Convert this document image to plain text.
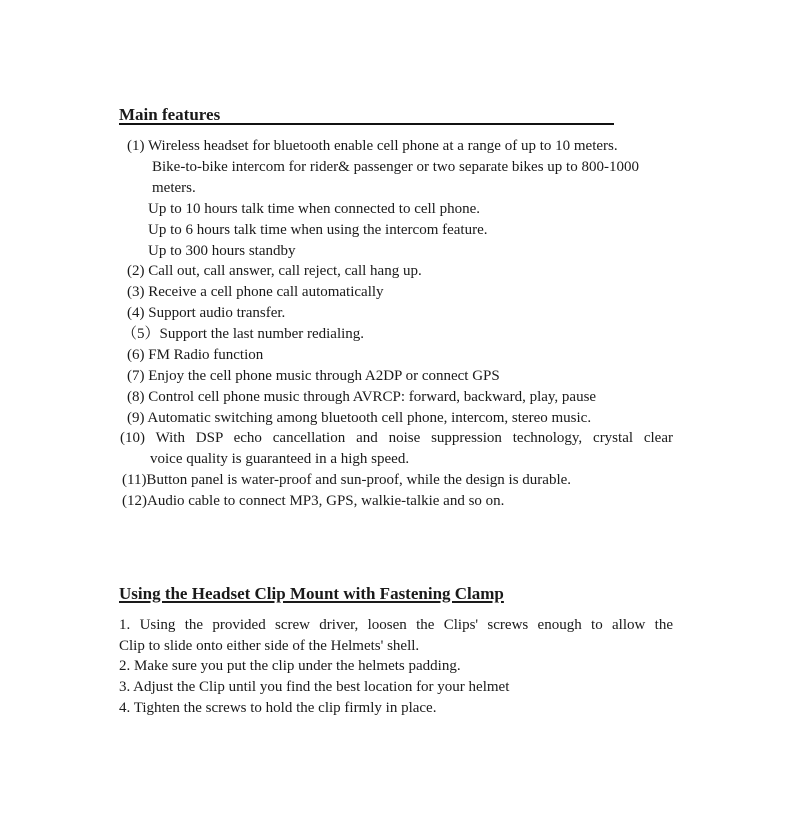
Main features
(1) Wireless headset for bluetooth enable cell phone at a range of up to 10 meters.
Bike-to-bike intercom for rider& passenger or two separate bikes up to 800-1000
meters.
Up to 10 hours talk time when connected to cell phone.
Up to 6 hours talk time when using the intercom feature.
Up to 300 hours standby
(2) Call out, call answer, call reject, call hang up.
(3) Receive a cell phone call automatically
(4) Support audio transfer.
（5）Support the last number redialing.
(6) FM Radio function
(7) Enjoy the cell phone music through A2DP or connect GPS
(8) Control cell phone music through AVRCP: forward, backward, play, pause
(9) Automatic switching among bluetooth cell phone, intercom, stereo music.
(10) With DSP echo cancellation and noise suppression technology, crystal clear
voice quality is guaranteed in a high speed.
(11)Button panel is water-proof and sun-proof, while the design is durable.
(12)Audio cable to connect MP3, GPS, walkie-talkie and so on.
Using the Headset Clip Mount with Fastening Clamp
1. Using the provided screw driver, loosen the Clips' screws enough to allow the
Clip to slide onto either side of the Helmets' shell.
2. Make sure you put the clip under the helmets padding.
3. Adjust the Clip until you find the best location for your helmet
4. Tighten the screws to hold the clip firmly in place.
